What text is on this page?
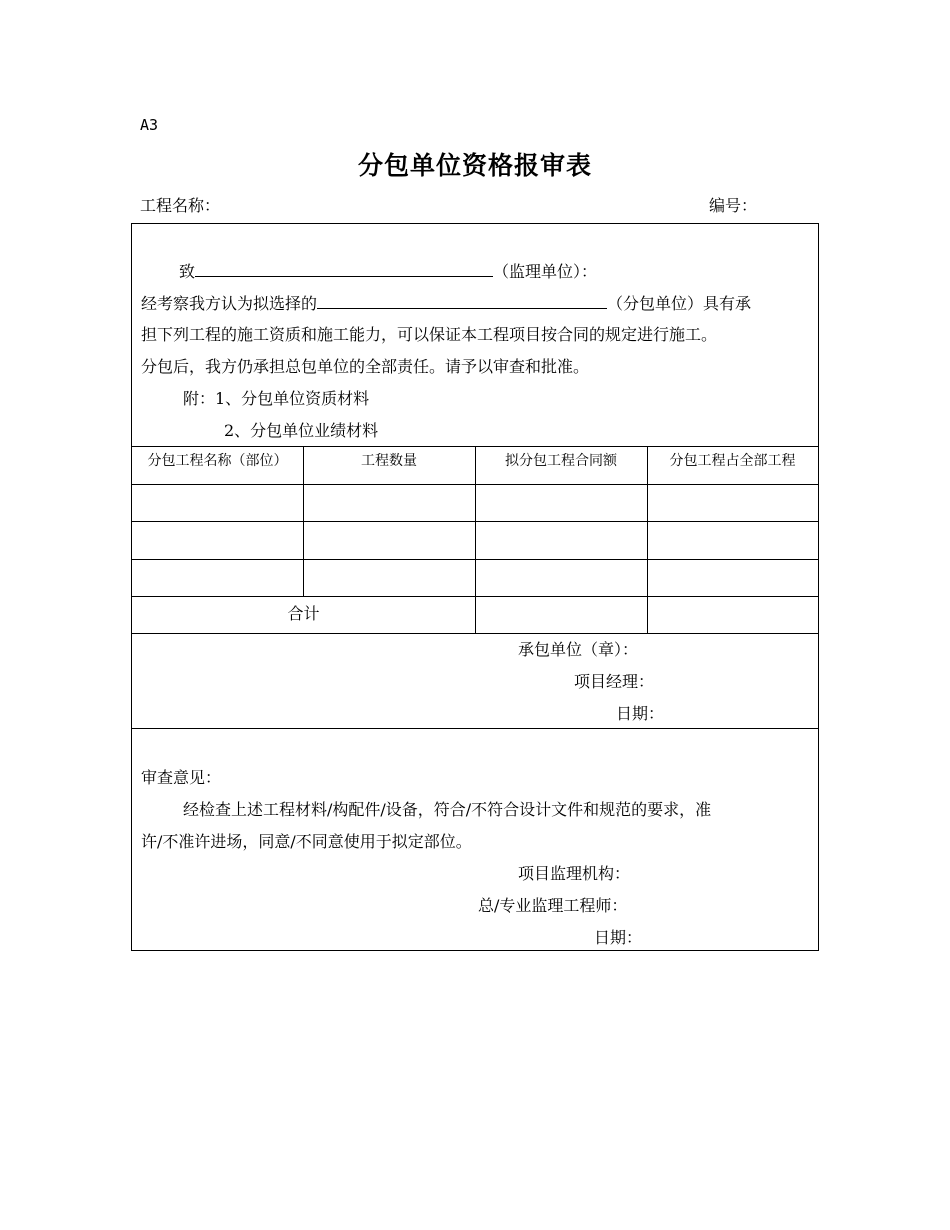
A3
分包单位资格报审表
工程名称：	编号：
致	（监理单位）：
经考察我方认为拟选择的	（分包单位）具有承
担下列工程的施工资质和施工能力，可以保证本工程项目按合同的规定进行施工。
分包后，我方仍承担总包单位的全部责任。请予以审查和批准。
附：1、分包单位资质材料
2、分包单位业绩材料
分包工程名称（部位）	工程数量	拟分包工程合同额	分包工程占全部工程
合计
承包单位（章）：
项目经理：
日期：
审查意见：
经检查上述工程材料/构配件/设备，符合/不符合设计文件和规范的要求，准
许/不准许进场，同意/不同意使用于拟定部位。
项目监理机构：
总/专业监理工程师：
日期：
